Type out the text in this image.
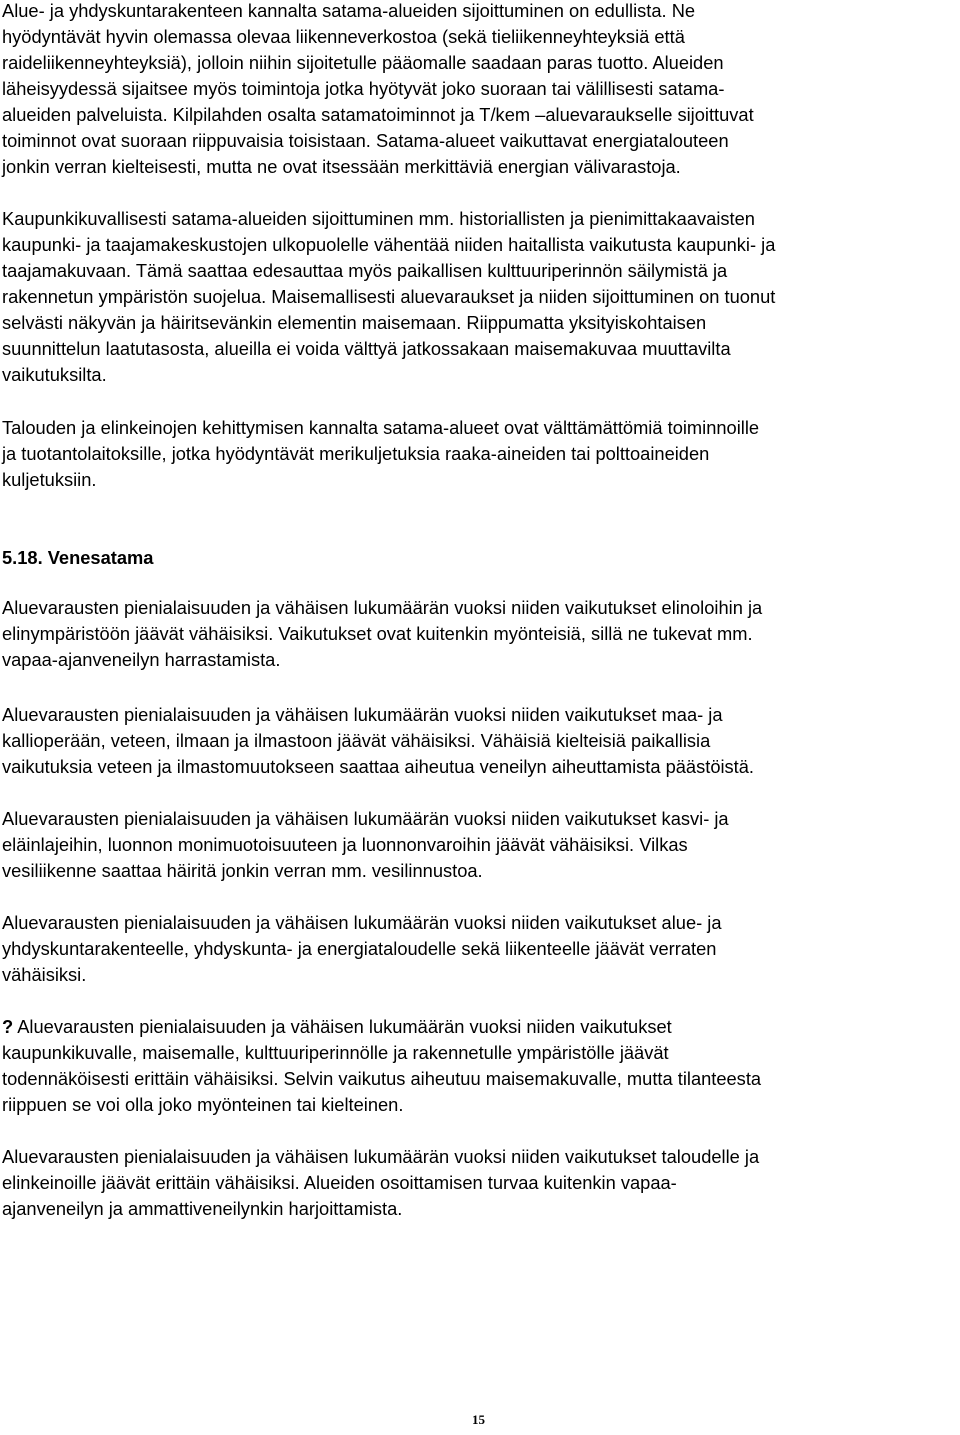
Alue- ja yhdyskuntarakenteen kannalta satama-alueiden sijoittuminen on edullista. Ne
hyödyntävät hyvin olemassa olevaa liikenneverkostoa (sekä tieliikenneyhteyksiä että
raideliikenneyhteyksiä), jolloin niihin sijoitetulle pääomalle saadaan paras tuotto. Alueiden
läheisyydessä sijaitsee myös toimintoja jotka hyötyvät joko suoraan tai välillisesti satama-
alueiden palveluista. Kilpilahden osalta satamatoiminnot ja T/kem –aluevaraukselle sijoittuvat
toiminnot ovat suoraan riippuvaisia toisistaan. Satama-alueet vaikuttavat energiatalouteen
jonkin verran kielteisesti, mutta ne ovat itsessään merkittäviä energian välivarastoja.

Kaupunkikuvallisesti satama-alueiden sijoittuminen mm. historiallisten ja pienimittakaavaisten
kaupunki- ja taajamakeskustojen ulkopuolelle vähentää niiden haitallista vaikutusta kaupunki- ja
taajamakuvaan. Tämä saattaa edesauttaa myös paikallisen kulttuuriperinnön säilymistä ja
rakennetun ympäristön suojelua. Maisemallisesti aluevaraukset ja niiden sijoittuminen on tuonut
selvästi näkyvän ja häiritsevänkin elementin maisemaan. Riippumatta yksityiskohtaisen
suunnittelun laatutasosta, alueilla ei voida välttyä jatkossakaan maisemakuvaa muuttavilta
vaikutuksilta.

Talouden ja elinkeinojen kehittymisen kannalta satama-alueet ovat välttämättömiä toiminnoille
ja tuotantolaitoksille, jotka hyödyntävät merikuljetuksia raaka-aineiden tai polttoaineiden
kuljetuksiin.

5.18. Venesatama

Aluevarausten pienialaisuuden ja vähäisen lukumäärän vuoksi niiden vaikutukset elinoloihin ja
elinympäristöön jäävät vähäisiksi. Vaikutukset ovat kuitenkin myönteisiä, sillä ne tukevat mm.
vapaa-ajanveneilyn harrastamista.

Aluevarausten pienialaisuuden ja vähäisen lukumäärän vuoksi niiden vaikutukset maa- ja
kallioperään, veteen, ilmaan ja ilmastoon jäävät vähäisiksi. Vähäisiä kielteisiä paikallisia
vaikutuksia veteen ja ilmastomuutokseen saattaa aiheutua veneilyn aiheuttamista päästöistä.

Aluevarausten pienialaisuuden ja vähäisen lukumäärän vuoksi niiden vaikutukset kasvi- ja
eläinlajeihin, luonnon monimuotoisuuteen ja luonnonvaroihin jäävät vähäisiksi. Vilkas
vesiliikenne saattaa häiritä jonkin verran mm. vesilinnustoa.

Aluevarausten pienialaisuuden ja vähäisen lukumäärän vuoksi niiden vaikutukset alue- ja
yhdyskuntarakenteelle, yhdyskunta- ja energiataloudelle sekä liikenteelle jäävät verraten
vähäisiksi.

? Aluevarausten pienialaisuuden ja vähäisen lukumäärän vuoksi niiden vaikutukset
kaupunkikuvalle, maisemalle, kulttuuriperinnölle ja rakennetulle ympäristölle jäävät
todennäköisesti erittäin vähäisiksi. Selvin vaikutus aiheutuu maisemakuvalle, mutta tilanteesta
riippuen se voi olla joko myönteinen tai kielteinen.

Aluevarausten pienialaisuuden ja vähäisen lukumäärän vuoksi niiden vaikutukset taloudelle ja
elinkeinoille jäävät erittäin vähäisiksi. Alueiden osoittamisen turvaa kuitenkin vapaa-
ajanveneilyn ja ammattiveneilynkin harjoittamista.

15
